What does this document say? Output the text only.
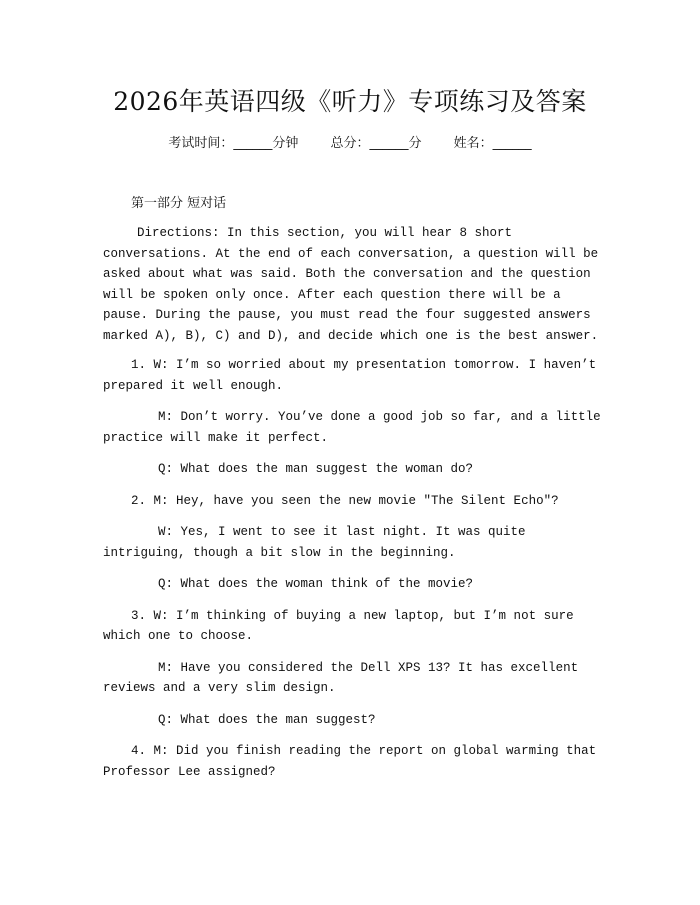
2026年英语四级《听力》专项练习及答案
考试时间：______分钟 总分：______分 姓名：______
第一部分 短对话
Directions: In this section, you will hear 8 short conversations. At the end of each conversation, a question will be asked about what was said. Both the conversation and the question will be spoken only once. After each question there will be a pause. During the pause, you must read the four suggested answers marked A), B), C) and D), and decide which one is the best answer.
1. W: I’m so worried about my presentation tomorrow. I haven’t prepared it well enough.
M: Don’t worry. You’ve done a good job so far, and a little practice will make it perfect.
Q: What does the man suggest the woman do?
2. M: Hey, have you seen the new movie "The Silent Echo"?
W: Yes, I went to see it last night. It was quite intriguing, though a bit slow in the beginning.
Q: What does the woman think of the movie?
3. W: I’m thinking of buying a new laptop, but I’m not sure which one to choose.
M: Have you considered the Dell XPS 13? It has excellent reviews and a very slim design.
Q: What does the man suggest?
4. M: Did you finish reading the report on global warming that Professor Lee assigned?
